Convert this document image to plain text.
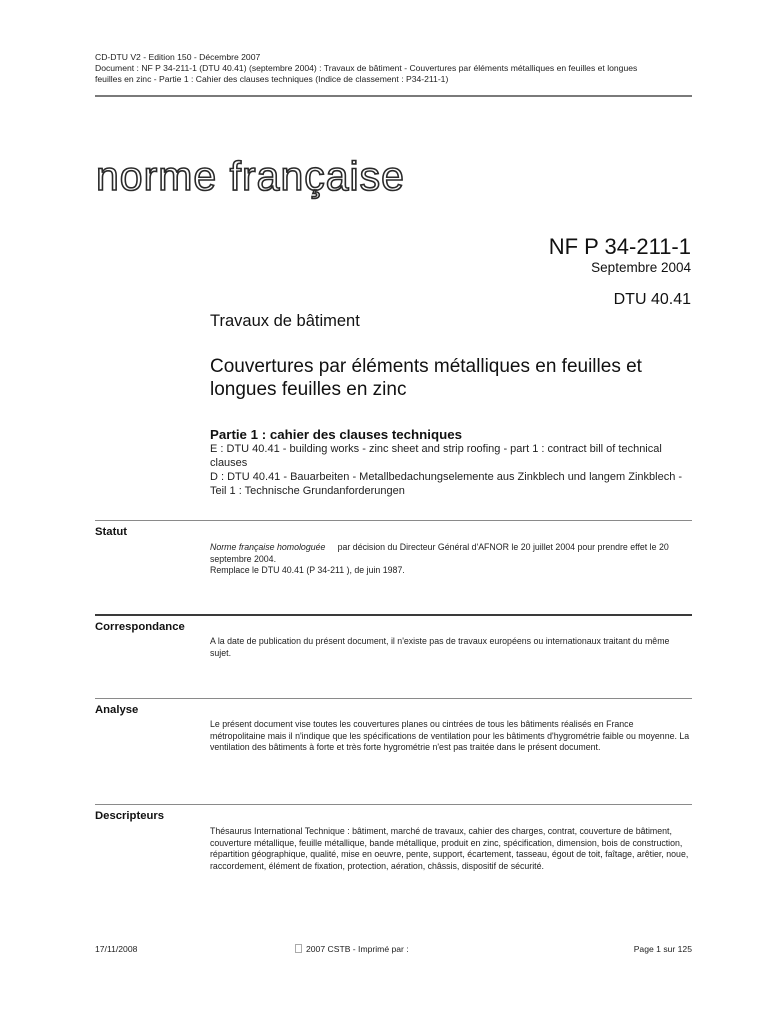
CD-DTU V2 - Edition 150 - Décembre 2007
Document : NF P 34-211-1 (DTU 40.41) (septembre 2004) : Travaux de bâtiment - Couvertures par éléments métalliques en feuilles et longues
feuilles en zinc - Partie 1 : Cahier des clauses techniques (Indice de classement : P34-211-1)
norme française
NF P 34-211-1
Septembre 2004
DTU 40.41
Travaux de bâtiment
Couvertures par éléments métalliques en feuilles et longues feuilles en zinc
Partie 1 : cahier des clauses techniques
E : DTU 40.41 - building works - zinc sheet and strip roofing - part 1 : contract bill of technical clauses
D : DTU 40.41 - Bauarbeiten - Metallbedachungselemente aus Zinkblech und langem Zinkblech - Teil 1 : Technische Grundanforderungen
Statut

Norme française homologuée par décision du Directeur Général d'AFNOR le 20 juillet 2004 pour prendre effet le 20 septembre 2004.

Remplace le DTU 40.41 (P 34-211 ), de juin 1987.

Correspondance

A la date de publication du présent document, il n'existe pas de travaux européens ou internationaux traitant du même sujet.

Analyse

Le présent document vise toutes les couvertures planes ou cintrées de tous les bâtiments réalisés en France métropolitaine mais il n'indique que les spécifications de ventilation pour les bâtiments d'hygrométrie faible ou moyenne. La ventilation des bâtiments à forte et très forte hygrométrie n'est pas traitée dans le présent document.

Descripteurs

Thésaurus International Technique : bâtiment, marché de travaux, cahier des charges, contrat, couverture de bâtiment, couverture métallique, feuille métallique, bande métallique, produit en zinc, spécification, dimension, bois de construction, répartition géographique, qualité, mise en oeuvre, pente, support, écartement, tasseau, égout de toit, faîtage, arêtier, noue, raccordement, élément de fixation, protection, aération, châssis, dispositif de sécurité.

17/11/2008	2007 CSTB - Imprimé par :	Page 1 sur 125
